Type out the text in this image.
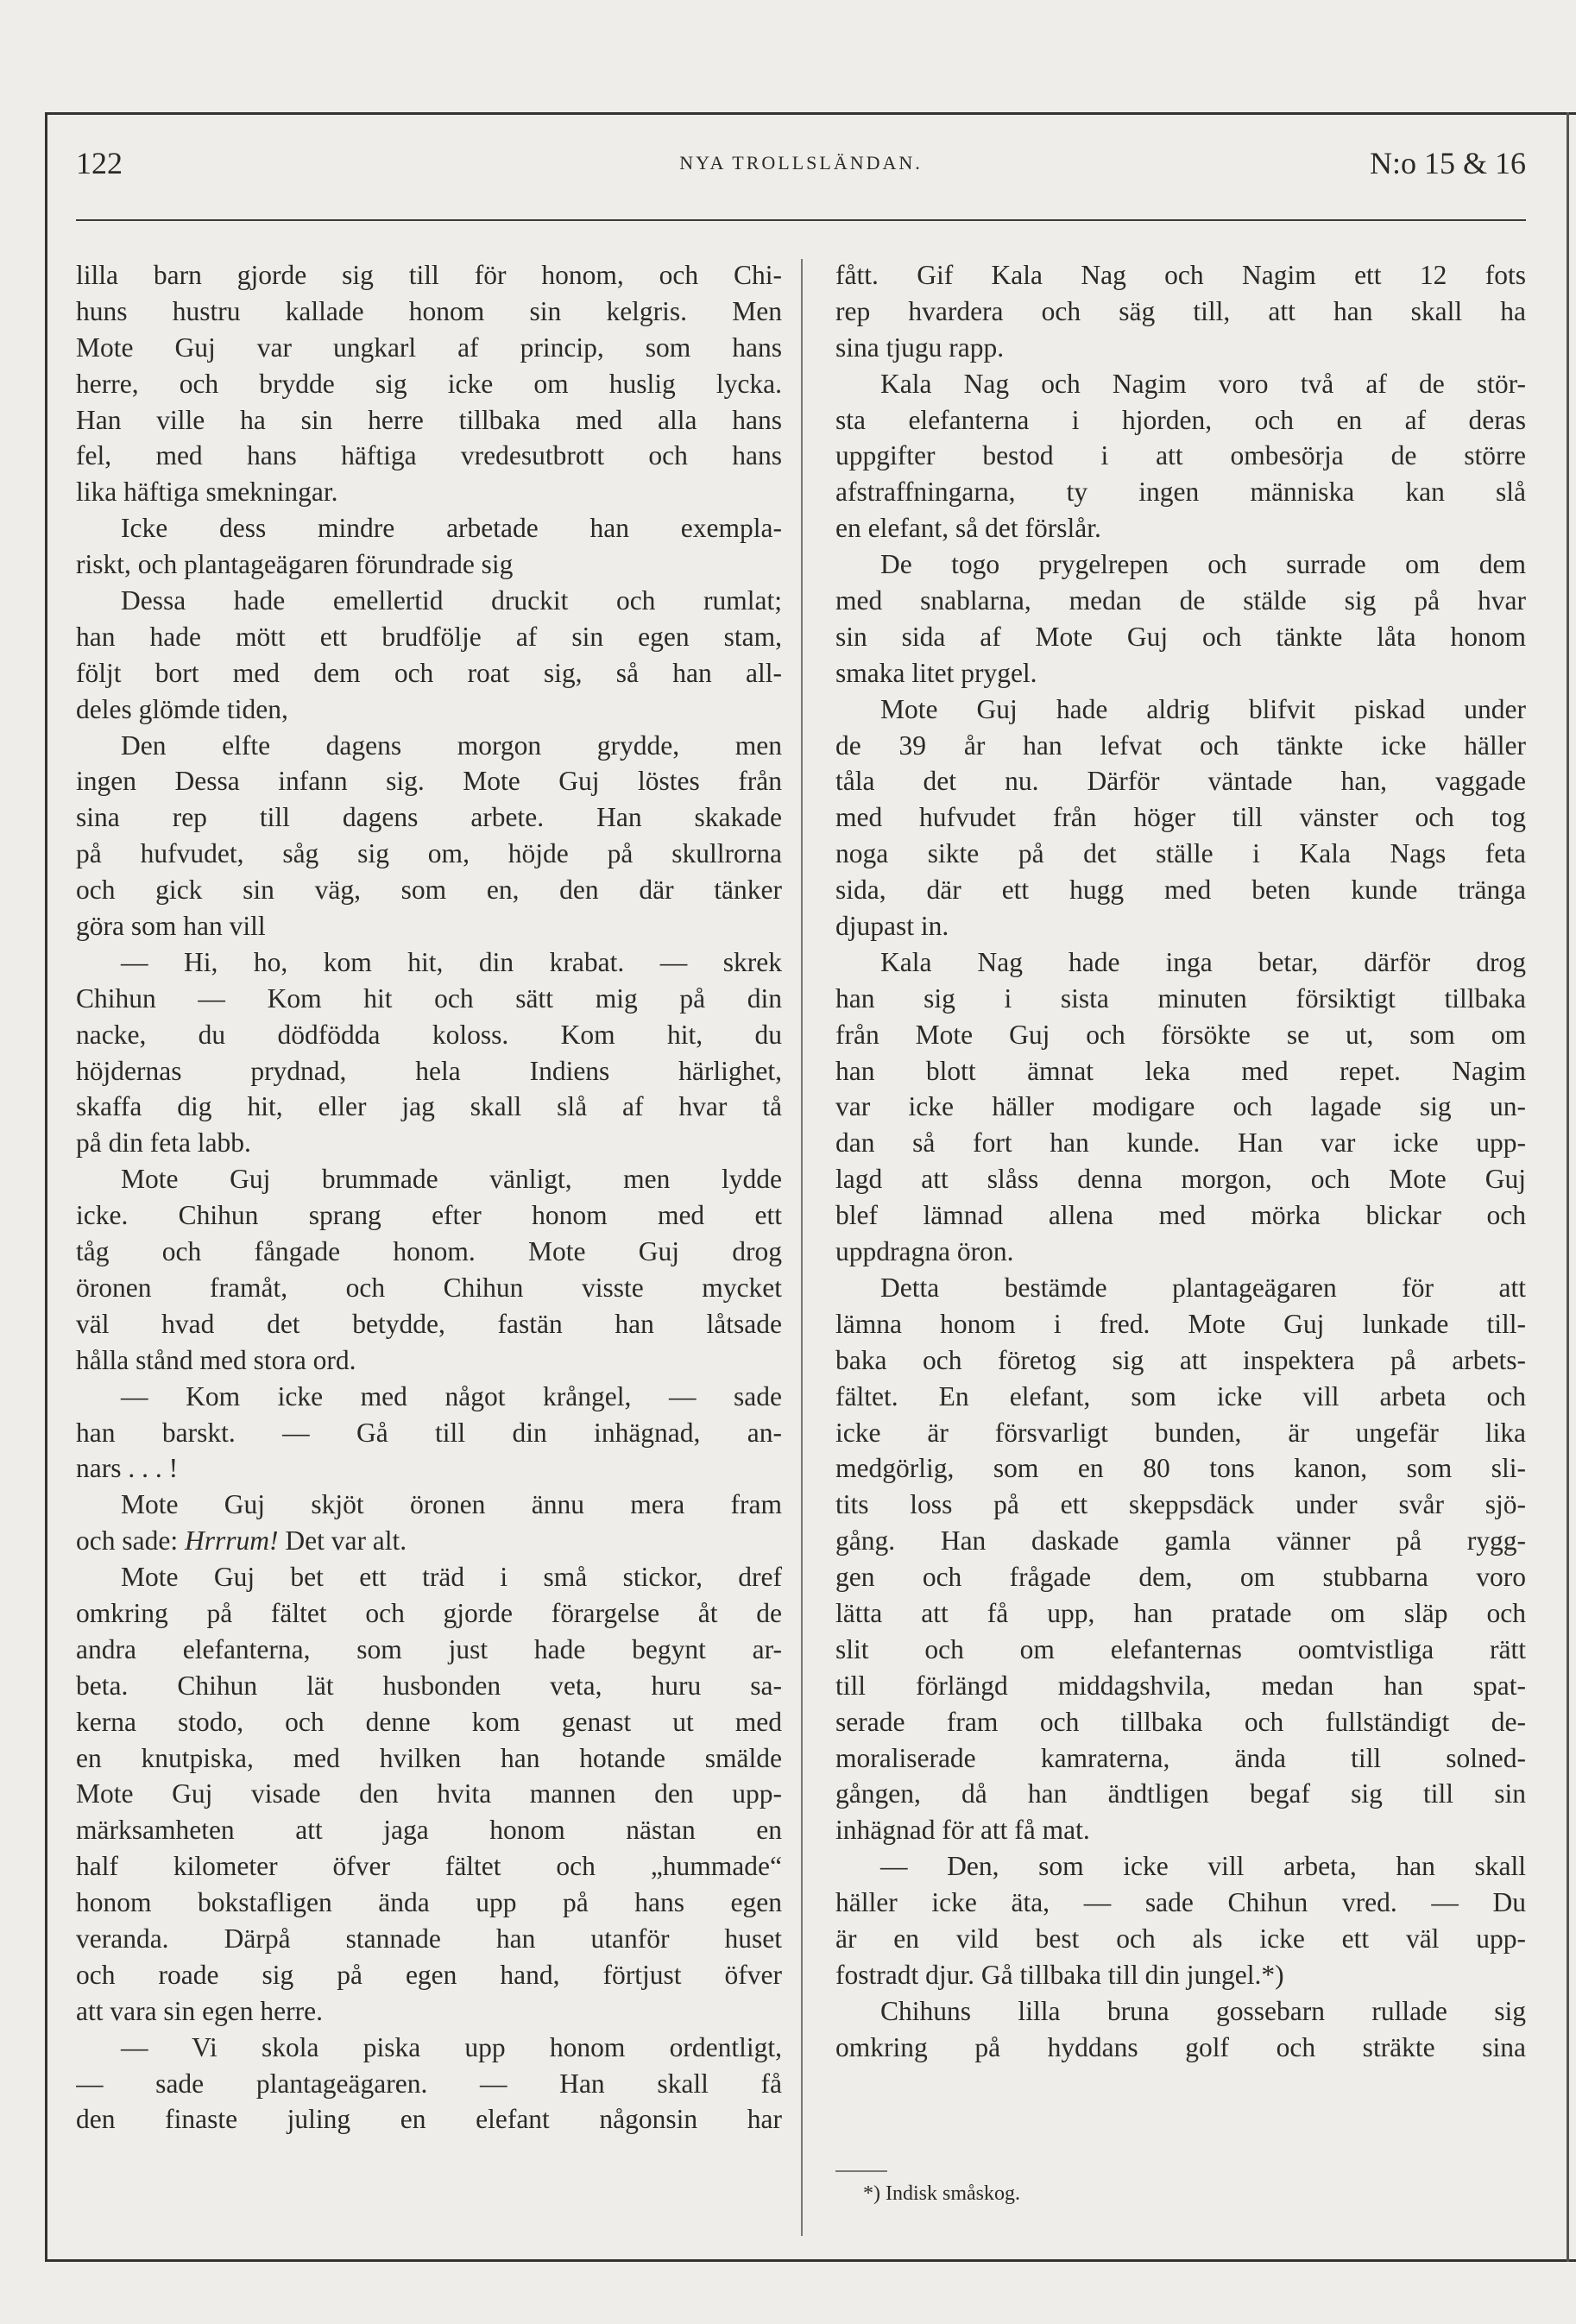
122	NYA TROLLSLÄNDAN.	N:o 15 & 16
lilla barn gjorde sig till för honom, och Chi-
huns hustru kallade honom sin kelgris. Men
Mote Guj var ungkarl af princip, som hans
herre, och brydde sig icke om huslig lycka.
Han ville ha sin herre tillbaka med alla hans
fel, med hans häftiga vredesutbrott och hans
lika häftiga smekningar.
Icke dess mindre arbetade han exempla-
riskt, och plantageägaren förundrade sig
Dessa hade emellertid druckit och rumlat;
han hade mött ett brudfölje af sin egen stam,
följt bort med dem och roat sig, så han all-
deles glömde tiden,
Den elfte dagens morgon grydde, men
ingen Dessa infann sig. Mote Guj löstes från
sina rep till dagens arbete. Han skakade
på hufvudet, såg sig om, höjde på skullrorna
och gick sin väg, som en, den där tänker
göra som han vill
— Hi, ho, kom hit, din krabat. — skrek
Chihun — Kom hit och sätt mig på din
nacke, du dödfödda koloss. Kom hit, du
höjdernas prydnad, hela Indiens härlighet,
skaffa dig hit, eller jag skall slå af hvar tå
på din feta labb.
Mote Guj brummade vänligt, men lydde
icke. Chihun sprang efter honom med ett
tåg och fångade honom. Mote Guj drog
öronen framåt, och Chihun visste mycket
väl hvad det betydde, fastän han låtsade
hålla stånd med stora ord.
— Kom icke med något krångel, — sade
han barskt. — Gå till din inhägnad, an-
nars . . . !
Mote Guj skjöt öronen ännu mera fram
och sade: Hrrrum! Det var alt.
Mote Guj bet ett träd i små stickor, dref
omkring på fältet och gjorde förargelse åt de
andra elefanterna, som just hade begynt ar-
beta. Chihun lät husbonden veta, huru sa-
kerna stodo, och denne kom genast ut med
en knutpiska, med hvilken han hotande smälde
Mote Guj visade den hvita mannen den upp-
märksamheten att jaga honom nästan en
half kilometer öfver fältet och „hummade“
honom bokstafligen ända upp på hans egen
veranda. Därpå stannade han utanför huset
och roade sig på egen hand, förtjust öfver
att vara sin egen herre.
— Vi skola piska upp honom ordentligt,
— sade plantageägaren. — Han skall få
den finaste juling en elefant någonsin har
fått. Gif Kala Nag och Nagim ett 12 fots
rep hvardera och säg till, att han skall ha
sina tjugu rapp.
Kala Nag och Nagim voro två af de stör-
sta elefanterna i hjorden, och en af deras
uppgifter bestod i att ombesörja de större
afstraffningarna, ty ingen människa kan slå
en elefant, så det förslår.
De togo prygelrepen och surrade om dem
med snablarna, medan de stälde sig på hvar
sin sida af Mote Guj och tänkte låta honom
smaka litet prygel.
Mote Guj hade aldrig blifvit piskad under
de 39 år han lefvat och tänkte icke häller
tåla det nu. Därför väntade han, vaggade
med hufvudet från höger till vänster och tog
noga sikte på det ställe i Kala Nags feta
sida, där ett hugg med beten kunde tränga
djupast in.
Kala Nag hade inga betar, därför drog
han sig i sista minuten försiktigt tillbaka
från Mote Guj och försökte se ut, som om
han blott ämnat leka med repet. Nagim
var icke häller modigare och lagade sig un-
dan så fort han kunde. Han var icke upp-
lagd att slåss denna morgon, och Mote Guj
blef lämnad allena med mörka blickar och
uppdragna öron.
Detta bestämde plantageägaren för att
lämna honom i fred. Mote Guj lunkade till-
baka och företog sig att inspektera på arbets-
fältet. En elefant, som icke vill arbeta och
icke är försvarligt bunden, är ungefär lika
medgörlig, som en 80 tons kanon, som sli-
tits loss på ett skeppsdäck under svår sjö-
gång. Han daskade gamla vänner på rygg-
gen och frågade dem, om stubbarna voro
lätta att få upp, han pratade om släp och
slit och om elefanternas oomtvistliga rätt
till förlängd middagshvila, medan han spat-
serade fram och tillbaka och fullständigt de-
moraliserade kamraterna, ända till solned-
gången, då han ändtligen begaf sig till sin
inhägnad för att få mat.
— Den, som icke vill arbeta, han skall
häller icke äta, — sade Chihun vred. — Du
är en vild best och als icke ett väl upp-
fostradt djur. Gå tillbaka till din jungel.*)
Chihuns lilla bruna gossebarn rullade sig
omkring på hyddans golf och sträkte sina
*) Indisk småskog.
